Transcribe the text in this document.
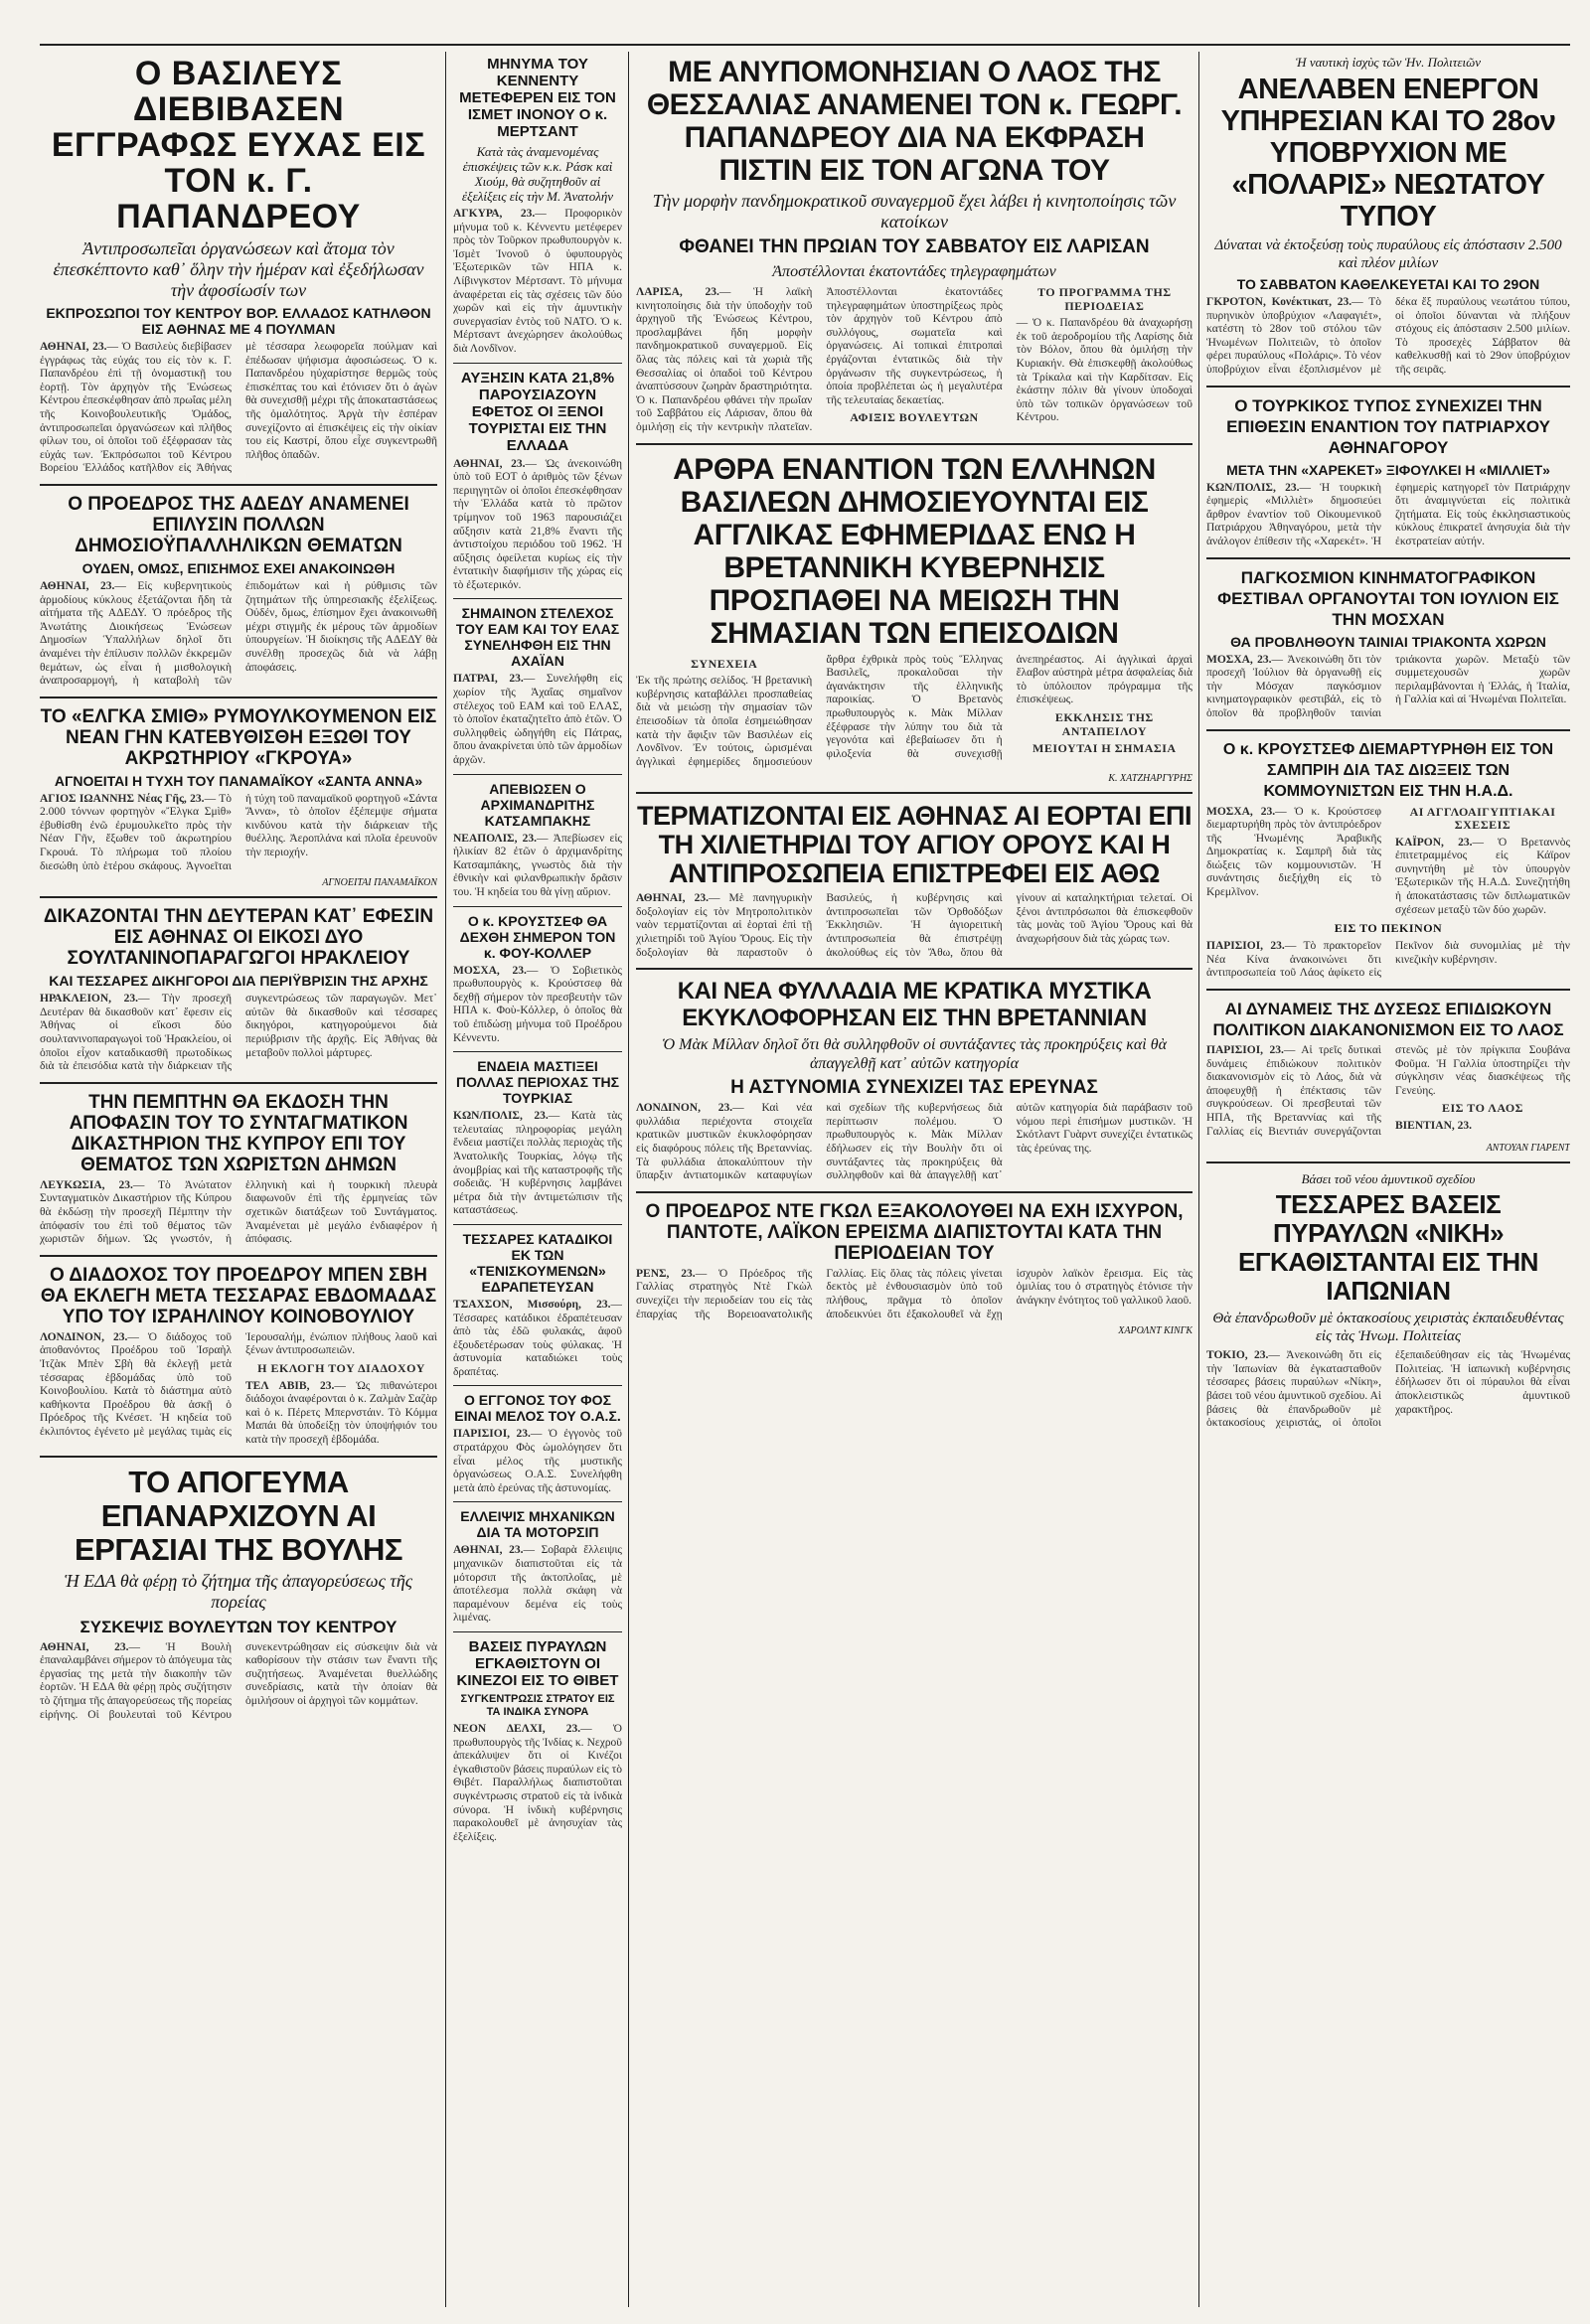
Ο ΒΑΣΙΛΕΥΣ ΔΙΕΒΙΒΑΣΕΝ ΕΓΓΡΑΦΩΣ ΕΥΧΑΣ ΕΙΣ ΤΟΝ κ. Γ. ΠΑΠΑΝΔΡΕΟΥ
Ἀντιπροσωπεῖαι ὀργανώσεων καὶ ἄτομα τὸν ἐπεσκέπτοντο καθ᾿ ὅλην τὴν ἡμέραν καὶ ἐξεδήλωσαν τὴν ἀφοσίωσίν των
ΕΚΠΡΟΣΩΠΟΙ ΤΟΥ ΚΕΝΤΡΟΥ ΒΟΡ. ΕΛΛΑΔΟΣ ΚΑΤΗΛΘΟΝ ΕΙΣ ΑΘΗΝΑΣ ΜΕ 4 ΠΟΥΛΜΑΝ
ΑΘΗΝΑΙ, 23.— Ὁ Βασιλεὺς διεβίβασεν ἐγγράφως τὰς εὐχάς του εἰς τὸν κ. Γ. Παπανδρέου ἐπὶ τῇ ὀνομαστικῇ του ἑορτῇ. Τὸν ἀρχηγὸν τῆς Ἑνώσεως Κέντρου ἐπεσκέφθησαν ἀπὸ πρωΐας μέλη τῆς Κοινοβουλευτικῆς Ὁμάδος, ἀντιπροσωπεῖαι ὀργανώσεων καὶ πλῆθος φίλων του, οἱ ὁποῖοι τοῦ ἐξέφρασαν τὰς εὐχάς των. Ἐκπρόσωποι τοῦ Κέντρου Βορείου Ἑλλάδος κατῆλθον εἰς Ἀθήνας μὲ τέσσαρα λεωφορεῖα πούλμαν καὶ ἐπέδωσαν ψήφισμα ἀφοσιώσεως. Ὁ κ. Παπανδρέου ηὐχαρίστησε θερμῶς τοὺς ἐπισκέπτας του καὶ ἐτόνισεν ὅτι ὁ ἀγὼν θὰ συνεχισθῇ μέχρι τῆς ἀποκαταστάσεως τῆς ὁμαλότητος. Ἀργὰ τὴν ἑσπέραν συνεχίζοντο αἱ ἐπισκέψεις εἰς τὴν οἰκίαν του εἰς Καστρί, ὅπου εἶχε συγκεντρωθῆ πλῆθος ὀπαδῶν.
Ο ΠΡΟΕΔΡΟΣ ΤΗΣ ΑΔΕΔΥ ΑΝΑΜΕΝΕΙ ΕΠΙΛΥΣΙΝ ΠΟΛΛΩΝ ΔΗΜΟΣΙΟΫΠΑΛΛΗΛΙΚΩΝ ΘΕΜΑΤΩΝ
ΟΥΔΕΝ, ΟΜΩΣ, ΕΠΙΣΗΜΟΣ ΕΧΕΙ ΑΝΑΚΟΙΝΩΘΗ
ΑΘΗΝΑΙ, 23.— Εἰς κυβερνητικοὺς ἁρμοδίους κύκλους ἐξετάζονται ἤδη τὰ αἰτήματα τῆς ΑΔΕΔΥ. Ὁ πρόεδρος τῆς Ἀνωτάτης Διοικήσεως Ἑνώσεων Δημοσίων Ὑπαλλήλων δηλοῖ ὅτι ἀναμένει τὴν ἐπίλυσιν πολλῶν ἐκκρεμῶν θεμάτων, ὡς εἶναι ἡ μισθολογικὴ ἀναπροσαρμογή, ἡ καταβολὴ τῶν ἐπιδομάτων καὶ ἡ ρύθμισις τῶν ζητημάτων τῆς ὑπηρεσιακῆς ἐξελίξεως. Οὐδέν, ὅμως, ἐπίσημον ἔχει ἀνακοινωθῆ μέχρι στιγμῆς ἐκ μέρους τῶν ἁρμοδίων ὑπουργείων. Ἡ διοίκησις τῆς ΑΔΕΔΥ θὰ συνέλθῃ προσεχῶς διὰ νὰ λάβῃ ἀποφάσεις.
ΤΟ «ΕΛΓΚΑ ΣΜΙΘ» ΡΥΜΟΥΛΚΟΥΜΕΝΟΝ ΕΙΣ ΝΕΑΝ ΓΗΝ ΚΑΤΕΒΥΘΙΣΘΗ ΕΞΩΘΙ ΤΟΥ ΑΚΡΩΤΗΡΙΟΥ «ΓΚΡΟΥΑ»
ΑΓΝΟΕΙΤΑΙ Η ΤΥΧΗ ΤΟΥ ΠΑΝΑΜΑΪΚΟΥ «ΣΑΝΤΑ ΑΝΝΑ»
ΑΓΙΟΣ ΙΩΑΝΝΗΣ Νέας Γῆς, 23.— Τὸ 2.000 τόννων φορτηγὸν «Ἔλγκα Σμὶθ» ἐβυθίσθη ἐνῶ ἐρυμουλκεῖτο πρὸς τὴν Νέαν Γῆν, ἔξωθεν τοῦ ἀκρωτηρίου Γκρουά. Τὸ πλήρωμα τοῦ πλοίου διεσώθη ὑπὸ ἑτέρου σκάφους. Ἀγνοεῖται ἡ τύχη τοῦ παναμαϊκοῦ φορτηγοῦ «Σάντα Ἄννα», τὸ ὁποῖον ἐξέπεμψε σήματα κινδύνου κατὰ τὴν διάρκειαν τῆς θυέλλης. Ἀεροπλάνα καὶ πλοῖα ἐρευνοῦν τὴν περιοχήν.
ΑΓΝΟΕΙΤΑΙ ΠΑΝΑΜΑΪΚΟΝ
ΔΙΚΑΖΟΝΤΑΙ ΤΗΝ ΔΕΥΤΕΡΑΝ ΚΑΤ᾿ ΕΦΕΣΙΝ ΕΙΣ ΑΘΗΝΑΣ ΟΙ ΕΙΚΟΣΙ ΔΥΟ ΣΟΥΛΤΑΝΙΝΟΠΑΡΑΓΩΓΟΙ ΗΡΑΚΛΕΙΟΥ
ΚΑΙ ΤΕΣΣΑΡΕΣ ΔΙΚΗΓΟΡΟΙ ΔΙΑ ΠΕΡΙΫΒΡΙΣΙΝ ΤΗΣ ΑΡΧΗΣ
ΗΡΑΚΛΕΙΟΝ, 23.— Τὴν προσεχῆ Δευτέραν θὰ δικασθοῦν κατ᾿ ἔφεσιν εἰς Ἀθήνας οἱ εἴκοσι δύο σουλτανινοπαραγωγοὶ τοῦ Ἡρακλείου, οἱ ὁποῖοι εἶχον καταδικασθῆ πρωτοδίκως διὰ τὰ ἐπεισόδια κατὰ τὴν διάρκειαν τῆς συγκεντρώσεως τῶν παραγωγῶν. Μετ᾿ αὐτῶν θὰ δικασθοῦν καὶ τέσσαρες δικηγόροι, κατηγορούμενοι διὰ περιύβρισιν τῆς ἀρχῆς. Εἰς Ἀθήνας θὰ μεταβοῦν πολλοὶ μάρτυρες.
ΤΗΝ ΠΕΜΠΤΗΝ ΘΑ ΕΚΔΟΣΗ ΤΗΝ ΑΠΟΦΑΣΙΝ ΤΟΥ ΤΟ ΣΥΝΤΑΓΜΑΤΙΚΟΝ ΔΙΚΑΣΤΗΡΙΟΝ ΤΗΣ ΚΥΠΡΟΥ ΕΠΙ ΤΟΥ ΘΕΜΑΤΟΣ ΤΩΝ ΧΩΡΙΣΤΩΝ ΔΗΜΩΝ
ΛΕΥΚΩΣΙΑ, 23.— Τὸ Ἀνώτατον Συνταγματικὸν Δικαστήριον τῆς Κύπρου θὰ ἐκδώσῃ τὴν προσεχῆ Πέμπτην τὴν ἀπόφασίν του ἐπὶ τοῦ θέματος τῶν χωριστῶν δήμων. Ὡς γνωστόν, ἡ ἑλληνικὴ καὶ ἡ τουρκικὴ πλευρὰ διαφωνοῦν ἐπὶ τῆς ἑρμηνείας τῶν σχετικῶν διατάξεων τοῦ Συντάγματος. Ἀναμένεται μὲ μεγάλο ἐνδιαφέρον ἡ ἀπόφασις.
Ο ΔΙΑΔΟΧΟΣ ΤΟΥ ΠΡΟΕΔΡΟΥ ΜΠΕΝ ΣΒΗ ΘΑ ΕΚΛΕΓΗ ΜΕΤΑ ΤΕΣΣΑΡΑΣ ΕΒΔΟΜΑΔΑΣ ΥΠΟ ΤΟΥ ΙΣΡΑΗΛΙΝΟΥ ΚΟΙΝΟΒΟΥΛΙΟΥ
ΛΟΝΔΙΝΟΝ, 23.— Ὁ διάδοχος τοῦ ἀποθανόντος Προέδρου τοῦ Ἰσραὴλ Ἰτζὰκ Μπὲν Σβὴ θὰ ἐκλεγῇ μετὰ τέσσαρας ἑβδομάδας ὑπὸ τοῦ Κοινοβουλίου. Κατὰ τὸ διάστημα αὐτὸ καθήκοντα Προέδρου θὰ ἀσκῇ ὁ Πρόεδρος τῆς Κνέσετ. Ἡ κηδεία τοῦ ἐκλιπόντος ἐγένετο μὲ μεγάλας τιμὰς εἰς Ἱερουσαλήμ, ἐνώπιον πλήθους λαοῦ καὶ ξένων ἀντιπροσωπειῶν.
Η ΕΚΛΟΓΗ ΤΟΥ ΔΙΑΔΟΧΟΥ
ΤΕΛ ΑΒΙΒ, 23.— Ὡς πιθανώτεροι διάδοχοι ἀναφέρονται ὁ κ. Ζαλμὰν Σαζὰρ καὶ ὁ κ. Πέρετς Μπερνστάιν. Τὸ Κόμμα Μαπάι θὰ ὑποδείξῃ τὸν ὑποψήφιόν του κατὰ τὴν προσεχῆ ἑβδομάδα.
ΤΟ ΑΠΟΓΕΥΜΑ ΕΠΑΝΑΡΧΙΖΟΥΝ ΑΙ ΕΡΓΑΣΙΑΙ ΤΗΣ ΒΟΥΛΗΣ
Ἡ ΕΔΑ θὰ φέρῃ τὸ ζήτημα τῆς ἀπαγορεύσεως τῆς πορείας
ΣΥΣΚΕΨΙΣ ΒΟΥΛΕΥΤΩΝ ΤΟΥ ΚΕΝΤΡΟΥ
ΑΘΗΝΑΙ, 23.— Ἡ Βουλὴ ἐπαναλαμβάνει σήμερον τὸ ἀπόγευμα τὰς ἐργασίας της μετὰ τὴν διακοπὴν τῶν ἑορτῶν. Ἡ ΕΔΑ θὰ φέρῃ πρὸς συζήτησιν τὸ ζήτημα τῆς ἀπαγορεύσεως τῆς πορείας εἰρήνης. Οἱ βουλευταὶ τοῦ Κέντρου συνεκεντρώθησαν εἰς σύσκεψιν διὰ νὰ καθορίσουν τὴν στάσιν των ἔναντι τῆς συζητήσεως. Ἀναμένεται θυελλώδης συνεδρίασις, κατὰ τὴν ὁποίαν θὰ ὁμιλήσουν οἱ ἀρχηγοὶ τῶν κομμάτων.
ΜΗΝΥΜΑ ΤΟΥ ΚΕΝΝΕΝΤΥ ΜΕΤΕΦΕΡΕΝ ΕΙΣ ΤΟΝ ΙΣΜΕΤ ΙΝΟΝΟΥ Ο κ. ΜΕΡΤΣΑΝΤ
Κατὰ τὰς ἀναμενομένας ἐπισκέψεις τῶν κ.κ. Ράσκ καὶ Χιούμ, θὰ συζητηθοῦν αἱ ἐξελίξεις εἰς τὴν Μ. Ἀνατολήν
ΑΓΚΥΡΑ, 23.— Προφορικὸν μήνυμα τοῦ κ. Κέννεντυ μετέφερεν πρὸς τὸν Τοῦρκον πρωθυπουργὸν κ. Ἰσμὲτ Ἰνονοῦ ὁ ὑφυπουργὸς Ἐξωτερικῶν τῶν ΗΠΑ κ. Λίβινγκστον Μέρτσαντ. Τὸ μήνυμα ἀναφέρεται εἰς τὰς σχέσεις τῶν δύο χωρῶν καὶ εἰς τὴν ἀμυντικὴν συνεργασίαν ἐντὸς τοῦ ΝΑΤΟ. Ὁ κ. Μέρτσαντ ἀνεχώρησεν ἀκολούθως διὰ Λονδῖνον.
ΑΥΞΗΣΙΝ ΚΑΤΑ 21,8% ΠΑΡΟΥΣΙΑΖΟΥΝ ΕΦΕΤΟΣ ΟΙ ΞΕΝΟΙ ΤΟΥΡΙΣΤΑΙ ΕΙΣ ΤΗΝ ΕΛΛΑΔΑ
ΑΘΗΝΑΙ, 23.— Ὡς ἀνεκοινώθη ὑπὸ τοῦ ΕΟΤ ὁ ἀριθμὸς τῶν ξένων περιηγητῶν οἱ ὁποῖοι ἐπεσκέφθησαν τὴν Ἑλλάδα κατὰ τὸ πρῶτον τρίμηνον τοῦ 1963 παρουσιάζει αὔξησιν κατὰ 21,8% ἔναντι τῆς ἀντιστοίχου περιόδου τοῦ 1962. Ἡ αὔξησις ὀφείλεται κυρίως εἰς τὴν ἐντατικὴν διαφήμισιν τῆς χώρας εἰς τὸ ἐξωτερικόν.
ΣΗΜΑΙΝΟΝ ΣΤΕΛΕΧΟΣ ΤΟΥ ΕΑΜ ΚΑΙ ΤΟΥ ΕΛΑΣ ΣΥΝΕΛΗΦΘΗ ΕΙΣ ΤΗΝ ΑΧΑΪΑΝ
ΠΑΤΡΑΙ, 23.— Συνελήφθη εἰς χωρίον τῆς Ἀχαΐας σημαῖνον στέλεχος τοῦ ΕΑΜ καὶ τοῦ ΕΛΑΣ, τὸ ὁποῖον ἐκαταζητεῖτο ἀπὸ ἐτῶν. Ὁ συλληφθεὶς ὡδηγήθη εἰς Πάτρας, ὅπου ἀνακρίνεται ὑπὸ τῶν ἁρμοδίων ἀρχῶν.
ΑΠΕΒΙΩΣΕΝ Ο ΑΡΧΙΜΑΝΔΡΙΤΗΣ ΚΑΤΣΑΜΠΑΚΗΣ
ΝΕΑΠΟΛΙΣ, 23.— Ἀπεβίωσεν εἰς ἡλικίαν 82 ἐτῶν ὁ ἀρχιμανδρίτης Κατσαμπάκης, γνωστὸς διὰ τὴν ἐθνικὴν καὶ φιλανθρωπικὴν δρᾶσιν του. Ἡ κηδεία του θὰ γίνῃ αὔριον.
Ο κ. ΚΡΟΥΣΤΣΕΦ ΘΑ ΔΕΧΘΗ ΣΗΜΕΡΟΝ ΤΟΝ κ. ΦΟΥ-ΚΟΛΛΕΡ
ΜΟΣΧΑ, 23.— Ὁ Σοβιετικὸς πρωθυπουργὸς κ. Κρούστσεφ θὰ δεχθῇ σήμερον τὸν πρεσβευτὴν τῶν ΗΠΑ κ. Φοὺ-Κόλλερ, ὁ ὁποῖος θὰ τοῦ ἐπιδώσῃ μήνυμα τοῦ Προέδρου Κέννεντυ.
ΕΝΔΕΙΑ ΜΑΣΤΙΞΕΙ ΠΟΛΛΑΣ ΠΕΡΙΟΧΑΣ ΤΗΣ ΤΟΥΡΚΙΑΣ
ΚΩΝ/ΠΟΛΙΣ, 23.— Κατὰ τὰς τελευταίας πληροφορίας μεγάλη ἔνδεια μαστίζει πολλὰς περιοχὰς τῆς Ἀνατολικῆς Τουρκίας, λόγῳ τῆς ἀνομβρίας καὶ τῆς καταστροφῆς τῆς σοδειᾶς. Ἡ κυβέρνησις λαμβάνει μέτρα διὰ τὴν ἀντιμετώπισιν τῆς καταστάσεως.
ΤΕΣΣΑΡΕΣ ΚΑΤΑΔΙΚΟΙ ΕΚ ΤΩΝ «ΤΕΝΙΣΚΟΥΜΕΝΩΝ» ΕΔΡΑΠΕΤΕΥΣΑΝ
ΤΣΑΧΣΟΝ, Μισσούρη, 23.— Τέσσαρες κατάδικοι ἐδραπέτευσαν ἀπὸ τὰς ἐδῶ φυλακάς, ἀφοῦ ἐξουδετέρωσαν τοὺς φύλακας. Ἡ ἀστυνομία καταδιώκει τοὺς δραπέτας.
Ο ΕΓΓΟΝΟΣ ΤΟΥ ΦΟΣ ΕΙΝΑΙ ΜΕΛΟΣ ΤΟΥ Ο.Α.Σ.
ΠΑΡΙΣΙΟΙ, 23.— Ὁ ἐγγονὸς τοῦ στρατάρχου Φὸς ὡμολόγησεν ὅτι εἶναι μέλος τῆς μυστικῆς ὀργανώσεως Ο.Α.Σ. Συνελήφθη μετὰ ἀπὸ ἐρεύνας τῆς ἀστυνομίας.
ΕΛΛΕΙΨΙΣ ΜΗΧΑΝΙΚΩΝ ΔΙΑ ΤΑ ΜΟΤΟΡΣΙΠ
ΑΘΗΝΑΙ, 23.— Σοβαρὰ ἔλλειψις μηχανικῶν διαπιστοῦται εἰς τὰ μότορσιπ τῆς ἀκτοπλοΐας, μὲ ἀποτέλεσμα πολλὰ σκάφη νὰ παραμένουν δεμένα εἰς τοὺς λιμένας.
ΒΑΣΕΙΣ ΠΥΡΑΥΛΩΝ ΕΓΚΑΘΙΣΤΟΥΝ ΟΙ ΚΙΝΕΖΟΙ ΕΙΣ ΤΟ ΘΙΒΕΤ
ΣΥΓΚΕΝΤΡΩΣΙΣ ΣΤΡΑΤΟΥ ΕΙΣ ΤΑ ΙΝΔΙΚΑ ΣΥΝΟΡΑ
ΝΕΟΝ ΔΕΛΧΙ, 23.— Ὁ πρωθυπουργὸς τῆς Ἰνδίας κ. Νεχροῦ ἀπεκάλυψεν ὅτι οἱ Κινέζοι ἐγκαθιστοῦν βάσεις πυραύλων εἰς τὸ Θιβέτ. Παραλλήλως διαπιστοῦται συγκέντρωσις στρατοῦ εἰς τὰ ἰνδικὰ σύνορα. Ἡ ἰνδικὴ κυβέρνησις παρακολουθεῖ μὲ ἀνησυχίαν τὰς ἐξελίξεις.
ΜΕ ΑΝΥΠΟΜΟΝΗΣΙΑΝ Ο ΛΑΟΣ ΤΗΣ ΘΕΣΣΑΛΙΑΣ ΑΝΑΜΕΝΕΙ ΤΟΝ κ. ΓΕΩΡΓ. ΠΑΠΑΝΔΡΕΟΥ ΔΙΑ ΝΑ ΕΚΦΡΑΣΗ ΠΙΣΤΙΝ ΕΙΣ ΤΟΝ ΑΓΩΝΑ ΤΟΥ
Τὴν μορφὴν πανδημοκρατικοῦ συναγερμοῦ ἔχει λάβει ἡ κινητοποίησις τῶν κατοίκων
ΦΘΑΝΕΙ ΤΗΝ ΠΡΩΙΑΝ ΤΟΥ ΣΑΒΒΑΤΟΥ ΕΙΣ ΛΑΡΙΣΑΝ
Ἀποστέλλονται ἑκατοντάδες τηλεγραφημάτων
ΛΑΡΙΣΑ, 23.— Ἡ λαϊκὴ κινητοποίησις διὰ τὴν ὑποδοχὴν τοῦ ἀρχηγοῦ τῆς Ἑνώσεως Κέντρου, προσλαμβάνει ἤδη μορφὴν πανδημοκρατικοῦ συναγερμοῦ. Εἰς ὅλας τὰς πόλεις καὶ τὰ χωριὰ τῆς Θεσσαλίας οἱ ὀπαδοὶ τοῦ Κέντρου ἀναπτύσσουν ζωηρὰν δραστηριότητα. Ὁ κ. Παπανδρέου φθάνει τὴν πρωΐαν τοῦ Σαββάτου εἰς Λάρισαν, ὅπου θὰ ὁμιλήσῃ εἰς τὴν κεντρικὴν πλατεῖαν. Ἀποστέλλονται ἑκατοντάδες τηλεγραφημάτων ὑποστηρίξεως πρὸς τὸν ἀρχηγὸν τοῦ Κέντρου ἀπὸ συλλόγους, σωματεῖα καὶ ὀργανώσεις. Αἱ τοπικαὶ ἐπιτροπαὶ ἐργάζονται ἐντατικῶς διὰ τὴν ὀργάνωσιν τῆς συγκεντρώσεως, ἡ ὁποία προβλέπεται ὡς ἡ μεγαλυτέρα τῆς τελευταίας δεκαετίας.
ΑΦΙΞΙΣ ΒΟΥΛΕΥΤΩΝ
ΤΟ ΠΡΟΓΡΑΜΜΑ ΤΗΣ ΠΕΡΙΟΔΕΙΑΣ
— Ὁ κ. Παπανδρέου θὰ ἀναχωρήσῃ ἐκ τοῦ ἀεροδρομίου τῆς Λαρίσης διὰ τὸν Βόλον, ὅπου θὰ ὁμιλήσῃ τὴν Κυριακήν. Θὰ ἐπισκεφθῇ ἀκολούθως τὰ Τρίκαλα καὶ τὴν Καρδίτσαν. Εἰς ἑκάστην πόλιν θὰ γίνουν ὑποδοχαὶ ὑπὸ τῶν τοπικῶν ὀργανώσεων τοῦ Κέντρου.
ΑΡΘΡΑ ΕΝΑΝΤΙΟΝ ΤΩΝ ΕΛΛΗΝΩΝ ΒΑΣΙΛΕΩΝ ΔΗΜΟΣΙΕΥΟΥΝΤΑΙ ΕΙΣ ΑΓΓΛΙΚΑΣ ΕΦΗΜΕΡΙΔΑΣ ΕΝΩ Η ΒΡΕΤΑΝΝΙΚΗ ΚΥΒΕΡΝΗΣΙΣ ΠΡΟΣΠΑΘΕΙ ΝΑ ΜΕΙΩΣΗ ΤΗΝ ΣΗΜΑΣΙΑΝ ΤΩΝ ΕΠΕΙΣΟΔΙΩΝ
ΣΥΝΕΧΕΙΑ
Ἐκ τῆς πρώτης σελίδος. Ἡ βρετανικὴ κυβέρνησις καταβάλλει προσπαθείας διὰ νὰ μειώσῃ τὴν σημασίαν τῶν ἐπεισοδίων τὰ ὁποῖα ἐσημειώθησαν κατὰ τὴν ἄφιξιν τῶν Βασιλέων εἰς Λονδῖνον. Ἐν τούτοις, ὡρισμέναι ἀγγλικαὶ ἐφημερίδες δημοσιεύουν ἄρθρα ἐχθρικὰ πρὸς τοὺς Ἕλληνας Βασιλεῖς, προκαλοῦσαι τὴν ἀγανάκτησιν τῆς ἑλληνικῆς παροικίας. Ὁ Βρετανὸς πρωθυπουργὸς κ. Μὰκ Μίλλαν ἐξέφρασε τὴν λύπην του διὰ τὰ γεγονότα καὶ ἐβεβαίωσεν ὅτι ἡ φιλοξενία θὰ συνεχισθῇ ἀνεπηρέαστος. Αἱ ἀγγλικαὶ ἀρχαὶ ἔλαβον αὐστηρὰ μέτρα ἀσφαλείας διὰ τὸ ὑπόλοιπον πρόγραμμα τῆς ἐπισκέψεως.
ΕΚΚΛΗΣΙΣ ΤΗΣ ΑΝΤΑΠΕΙΛΟΥ
ΜΕΙΟΥΤΑΙ Η ΣΗΜΑΣΙΑ
Κ. ΧΑΤΖΗΑΡΓΥΡΗΣ
ΤΕΡΜΑΤΙΖΟΝΤΑΙ ΕΙΣ ΑΘΗΝΑΣ ΑΙ ΕΟΡΤΑΙ ΕΠΙ ΤΗ ΧΙΛΙΕΤΗΡΙΔΙ ΤΟΥ ΑΓΙΟΥ ΟΡΟΥΣ ΚΑΙ Η ΑΝΤΙΠΡΟΣΩΠΕΙΑ ΕΠΙΣΤΡΕΦΕΙ ΕΙΣ ΑΘΩ
ΑΘΗΝΑΙ, 23.— Μὲ πανηγυρικὴν δοξολογίαν εἰς τὸν Μητροπολιτικὸν ναὸν τερματίζονται αἱ ἑορταὶ ἐπὶ τῇ χιλιετηρίδι τοῦ Ἁγίου Ὄρους. Εἰς τὴν δοξολογίαν θὰ παραστοῦν ὁ Βασιλεύς, ἡ κυβέρνησις καὶ ἀντιπροσωπεῖαι τῶν Ὀρθοδόξων Ἐκκλησιῶν. Ἡ ἁγιορειτικὴ ἀντιπροσωπεία θὰ ἐπιστρέψῃ ἀκολούθως εἰς τὸν Ἄθω, ὅπου θὰ γίνουν αἱ καταληκτήριαι τελεταί. Οἱ ξένοι ἀντιπρόσωποι θὰ ἐπισκεφθοῦν τὰς μονὰς τοῦ Ἁγίου Ὄρους καὶ θὰ ἀναχωρήσουν διὰ τὰς χώρας των.
ΚΑΙ ΝΕΑ ΦΥΛΛΑΔΙΑ ΜΕ ΚΡΑΤΙΚΑ ΜΥΣΤΙΚΑ ΕΚΥΚΛΟΦΟΡΗΣΑΝ ΕΙΣ ΤΗΝ ΒΡΕΤΑΝΝΙΑΝ
Ὁ Μὰκ Μίλλαν δηλοῖ ὅτι θὰ συλληφθοῦν οἱ συντάξαντες τὰς προκηρύξεις καὶ θὰ ἀπαγγελθῇ κατ᾿ αὐτῶν κατηγορία
Η ΑΣΤΥΝΟΜΙΑ ΣΥΝΕΧΙΖΕΙ ΤΑΣ ΕΡΕΥΝΑΣ
ΛΟΝΔΙΝΟΝ, 23.— Καὶ νέα φυλλάδια περιέχοντα στοιχεῖα κρατικῶν μυστικῶν ἐκυκλοφόρησαν εἰς διαφόρους πόλεις τῆς Βρεταννίας. Τὰ φυλλάδια ἀποκαλύπτουν τὴν ὕπαρξιν ἀντιατομικῶν καταφυγίων καὶ σχεδίων τῆς κυβερνήσεως διὰ περίπτωσιν πολέμου. Ὁ πρωθυπουργὸς κ. Μὰκ Μίλλαν ἐδήλωσεν εἰς τὴν Βουλὴν ὅτι οἱ συντάξαντες τὰς προκηρύξεις θὰ συλληφθοῦν καὶ θὰ ἀπαγγελθῇ κατ᾿ αὐτῶν κατηγορία διὰ παράβασιν τοῦ νόμου περὶ ἐπισήμων μυστικῶν. Ἡ Σκότλαντ Γυὰρντ συνεχίζει ἐντατικῶς τὰς ἐρεύνας της.
Ο ΠΡΟΕΔΡΟΣ ΝΤΕ ΓΚΩΛ ΕΞΑΚΟΛΟΥΘΕΙ ΝΑ ΕΧΗ ΙΣΧΥΡΟΝ, ΠΑΝΤΟΤΕ, ΛΑΪΚΟΝ ΕΡΕΙΣΜΑ ΔΙΑΠΙΣΤΟΥΤΑΙ ΚΑΤΑ ΤΗΝ ΠΕΡΙΟΔΕΙΑΝ ΤΟΥ
ΡΕΝΣ, 23.— Ὁ Πρόεδρος τῆς Γαλλίας στρατηγὸς Ντὲ Γκὼλ συνεχίζει τὴν περιοδείαν του εἰς τὰς ἐπαρχίας τῆς Βορειοανατολικῆς Γαλλίας. Εἰς ὅλας τὰς πόλεις γίνεται δεκτὸς μὲ ἐνθουσιασμὸν ὑπὸ τοῦ πλήθους, πρᾶγμα τὸ ὁποῖον ἀποδεικνύει ὅτι ἐξακολουθεῖ νὰ ἔχῃ ἰσχυρὸν λαϊκὸν ἔρεισμα. Εἰς τὰς ὁμιλίας του ὁ στρατηγὸς ἐτόνισε τὴν ἀνάγκην ἐνότητος τοῦ γαλλικοῦ λαοῦ.
ΧΑΡΟΛΝΤ ΚΙΝΓΚ
Ἡ ναυτικὴ ἰσχὺς τῶν Ἡν. Πολιτειῶν
ΑΝΕΛΑΒΕΝ ΕΝΕΡΓΟΝ ΥΠΗΡΕΣΙΑΝ ΚΑΙ ΤΟ 28ον ΥΠΟΒΡΥΧΙΟΝ ΜΕ «ΠΟΛΑΡΙΣ» ΝΕΩΤΑΤΟΥ ΤΥΠΟΥ
Δύναται νὰ ἐκτοξεύσῃ τοὺς πυραύλους εἰς ἀπόστασιν 2.500 καὶ πλέον μιλίων
ΤΟ ΣΑΒΒΑΤΟΝ ΚΑΘΕΛΚΕΥΕΤΑΙ ΚΑΙ ΤΟ 29ΟΝ
ΓΚΡΟΤΟΝ, Κονέκτικατ, 23.— Τὸ πυρηνικὸν ὑποβρύχιον «Λαφαγιέτ», κατέστη τὸ 28ον τοῦ στόλου τῶν Ἡνωμένων Πολιτειῶν, τὸ ὁποῖον φέρει πυραύλους «Πολάρις». Τὸ νέον ὑποβρύχιον εἶναι ἐξοπλισμένον μὲ δέκα ἕξ πυραύλους νεωτάτου τύπου, οἱ ὁποῖοι δύνανται νὰ πλήξουν στόχους εἰς ἀπόστασιν 2.500 μιλίων. Τὸ προσεχὲς Σάββατον θὰ καθελκυσθῇ καὶ τὸ 29ον ὑποβρύχιον τῆς σειρᾶς.
Ο ΤΟΥΡΚΙΚΟΣ ΤΥΠΟΣ ΣΥΝΕΧΙΖΕΙ ΤΗΝ ΕΠΙΘΕΣΙΝ ΕΝΑΝΤΙΟΝ ΤΟΥ ΠΑΤΡΙΑΡΧΟΥ ΑΘΗΝΑΓΟΡΟΥ
ΜΕΤΑ ΤΗΝ «ΧΑΡΕΚΕΤ» ΞΙΦΟΥΛΚΕΙ Η «ΜΙΛΛΙΕΤ»
ΚΩΝ/ΠΟΛΙΣ, 23.— Ἡ τουρκικὴ ἐφημερὶς «Μιλλιὲτ» δημοσιεύει ἄρθρον ἐναντίον τοῦ Οἰκουμενικοῦ Πατριάρχου Ἀθηναγόρου, μετὰ τὴν ἀνάλογον ἐπίθεσιν τῆς «Χαρεκέτ». Ἡ ἐφημερὶς κατηγορεῖ τὸν Πατριάρχην ὅτι ἀναμιγνύεται εἰς πολιτικὰ ζητήματα. Εἰς τοὺς ἐκκλησιαστικοὺς κύκλους ἐπικρατεῖ ἀνησυχία διὰ τὴν ἐκστρατείαν αὐτήν.
ΠΑΓΚΟΣΜΙΟΝ ΚΙΝΗΜΑΤΟΓΡΑΦΙΚΟΝ ΦΕΣΤΙΒΑΛ ΟΡΓΑΝΟΥΤΑΙ ΤΟΝ ΙΟΥΛΙΟΝ ΕΙΣ ΤΗΝ ΜΟΣΧΑΝ
ΘΑ ΠΡΟΒΛΗΘΟΥΝ ΤΑΙΝΙΑΙ ΤΡΙΑΚΟΝΤΑ ΧΩΡΩΝ
ΜΟΣΧΑ, 23.— Ἀνεκοινώθη ὅτι τὸν προσεχῆ Ἰούλιον θὰ ὀργανωθῇ εἰς τὴν Μόσχαν παγκόσμιον κινηματογραφικὸν φεστιβάλ, εἰς τὸ ὁποῖον θὰ προβληθοῦν ταινίαι τριάκοντα χωρῶν. Μεταξὺ τῶν συμμετεχουσῶν χωρῶν περιλαμβάνονται ἡ Ἑλλάς, ἡ Ἰταλία, ἡ Γαλλία καὶ αἱ Ἡνωμέναι Πολιτεῖαι.
Ο κ. ΚΡΟΥΣΤΣΕΦ ΔΙΕΜΑΡΤΥΡΗΘΗ ΕΙΣ ΤΟΝ ΣΑΜΠΡΙΗ ΔΙΑ ΤΑΣ ΔΙΩΞΕΙΣ ΤΩΝ ΚΟΜΜΟΥΝΙΣΤΩΝ ΕΙΣ ΤΗΝ Η.Α.Δ.
ΜΟΣΧΑ, 23.— Ὁ κ. Κρούστσεφ διεμαρτυρήθη πρὸς τὸν ἀντιπρόεδρον τῆς Ἡνωμένης Ἀραβικῆς Δημοκρατίας κ. Σαμπρῆ διὰ τὰς διώξεις τῶν κομμουνιστῶν. Ἡ συνάντησις διεξήχθη εἰς τὸ Κρεμλῖνον.
ΑΙ ΑΓΓΛΟΑΙΓΥΠΤΙΑΚΑΙ ΣΧΕΣΕΙΣ
ΚΑΪΡΟΝ, 23.— Ὁ Βρεταννὸς ἐπιτετραμμένος εἰς Κάϊρον συνηντήθη μὲ τὸν ὑπουργὸν Ἐξωτερικῶν τῆς Η.Α.Δ. Συνεζητήθη ἡ ἀποκατάστασις τῶν διπλωματικῶν σχέσεων μεταξὺ τῶν δύο χωρῶν.
ΕΙΣ ΤΟ ΠΕΚΙΝΟΝ
ΠΑΡΙΣΙΟΙ, 23.— Τὸ πρακτορεῖον Νέα Κίνα ἀνακοινώνει ὅτι ἀντιπροσωπεία τοῦ Λάος ἀφίκετο εἰς Πεκῖνον διὰ συνομιλίας μὲ τὴν κινεζικὴν κυβέρνησιν.
ΑΙ ΔΥΝΑΜΕΙΣ ΤΗΣ ΔΥΣΕΩΣ ΕΠΙΔΙΩΚΟΥΝ ΠΟΛΙΤΙΚΟΝ ΔΙΑΚΑΝΟΝΙΣΜΟΝ ΕΙΣ ΤΟ ΛΑΟΣ
ΠΑΡΙΣΙΟΙ, 23.— Αἱ τρεῖς δυτικαὶ δυνάμεις ἐπιδιώκουν πολιτικὸν διακανονισμὸν εἰς τὸ Λάος, διὰ νὰ ἀποφευχθῇ ἡ ἐπέκτασις τῶν συγκρούσεων. Οἱ πρεσβευταὶ τῶν ΗΠΑ, τῆς Βρεταννίας καὶ τῆς Γαλλίας εἰς Βιεντιάν συνεργάζονται στενῶς μὲ τὸν πρίγκιπα Σουβάνα Φοῦμα. Ἡ Γαλλία ὑποστηρίζει τὴν σύγκλησιν νέας διασκέψεως τῆς Γενεύης.
ΕΙΣ ΤΟ ΛΑΟΣ
ΒΙΕΝΤΙΑΝ, 23.
ΑΝΤΟΥΑΝ ΓΙΑΡΕΝΤ
Βάσει τοῦ νέου ἀμυντικοῦ σχεδίου
ΤΕΣΣΑΡΕΣ ΒΑΣΕΙΣ ΠΥΡΑΥΛΩΝ «ΝΙΚΗ» ΕΓΚΑΘΙΣΤΑΝΤΑΙ ΕΙΣ ΤΗΝ ΙΑΠΩΝΙΑΝ
Θὰ ἐπανδρωθοῦν μὲ ὀκτακοσίους χειριστὰς ἐκπαιδευθέντας εἰς τὰς Ἡνωμ. Πολιτείας
ΤΟΚΙΟ, 23.— Ἀνεκοινώθη ὅτι εἰς τὴν Ἰαπωνίαν θὰ ἐγκατασταθοῦν τέσσαρες βάσεις πυραύλων «Νίκη», βάσει τοῦ νέου ἀμυντικοῦ σχεδίου. Αἱ βάσεις θὰ ἐπανδρωθοῦν μὲ ὀκτακοσίους χειριστάς, οἱ ὁποῖοι ἐξεπαιδεύθησαν εἰς τὰς Ἡνωμένας Πολιτείας. Ἡ ἰαπωνικὴ κυβέρνησις ἐδήλωσεν ὅτι οἱ πύραυλοι θὰ εἶναι ἀποκλειστικῶς ἀμυντικοῦ χαρακτῆρος.
